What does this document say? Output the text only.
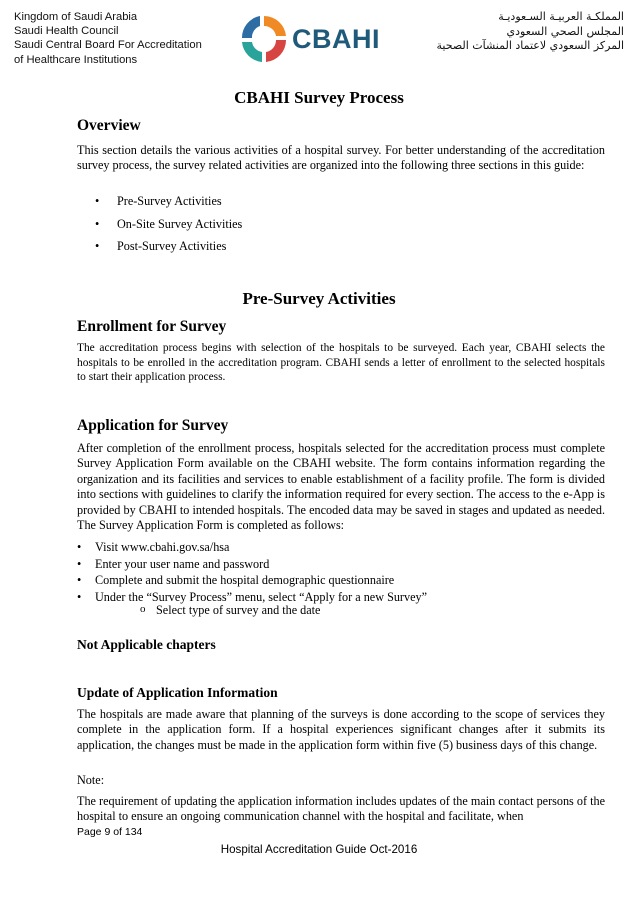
Kingdom of Saudi Arabia
Saudi Health Council
Saudi Central Board For Accreditation
of Healthcare Institutions
CBAHI
المملكـة العربيـة السـعوديـة
المجلس الصحي السعودي
المركز السعودي لاعتماد المنشآت الصحية
CBAHI Survey Process
Overview
This section details the various activities of a hospital survey. For better understanding of the accreditation survey process, the survey related activities are organized into the following three sections in this guide:
• Pre-Survey Activities
• On-Site Survey Activities
• Post-Survey Activities
Pre-Survey Activities
Enrollment for Survey
The accreditation process begins with selection of the hospitals to be surveyed. Each year, CBAHI selects the hospitals to be enrolled in the accreditation program. CBAHI sends a letter of enrollment to the selected hospitals to start their application process.
Application for Survey
After completion of the enrollment process, hospitals selected for the accreditation process must complete Survey Application Form available on the CBAHI website. The form contains information regarding the organization and its facilities and services to enable establishment of a facility profile. The form is divided into sections with guidelines to clarify the information required for every section. The access to the e-App is provided by CBAHI to intended hospitals. The encoded data may be saved in stages and updated as needed. The Survey Application Form is completed as follows:
• Visit www.cbahi.gov.sa/hsa
• Enter your user name and password
• Complete and submit the hospital demographic questionnaire
• Under the “Survey Process” menu, select “Apply for a new Survey”
o Select type of survey and the date
Not Applicable chapters
Update of Application Information
The hospitals are made aware that planning of the surveys is done according to the scope of services they complete in the application form. If a hospital experiences significant changes after it submits its application, the changes must be made in the application form within five (5) business days of this change.
Note:
The requirement of updating the application information includes updates of the main contact persons of the hospital to ensure an ongoing communication channel with the hospital and facilitate, when
Page 9 of 134
Hospital Accreditation Guide Oct-2016
